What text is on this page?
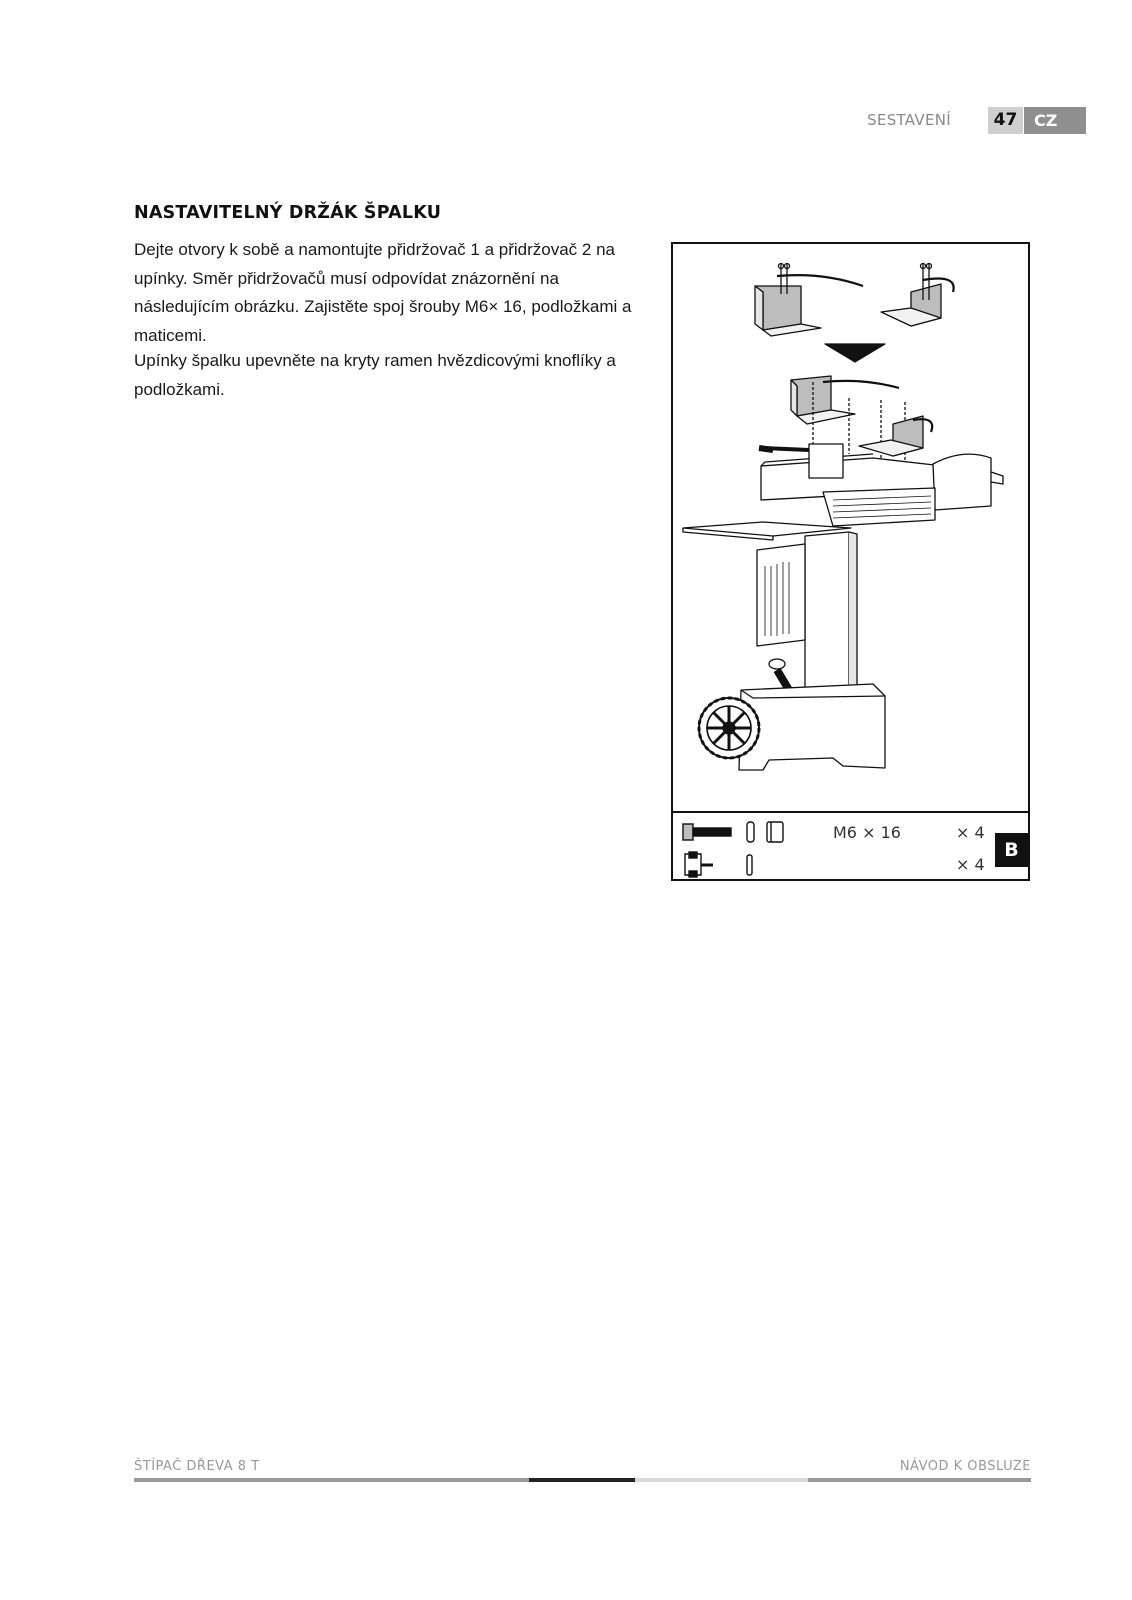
SESTAVENÍ	47	CZ
NASTAVITELNÝ DRŽÁK ŠPALKU
Dejte otvory k sobě a namontujte přidržovač 1 a přidržovač 2 na upínky. Směr přidržovačů musí odpovídat znázornění na následujícím obrázku. Zajistěte spoj šrouby M6× 16, podložkami a maticemi.
Upínky špalku upevněte na kryty ramen hvězdicovými knoflíky a podložkami.
M6 × 16	× 4
× 4
B
ŠTÍPAČ DŘEVA 8 T	NÁVOD K OBSLUZE
